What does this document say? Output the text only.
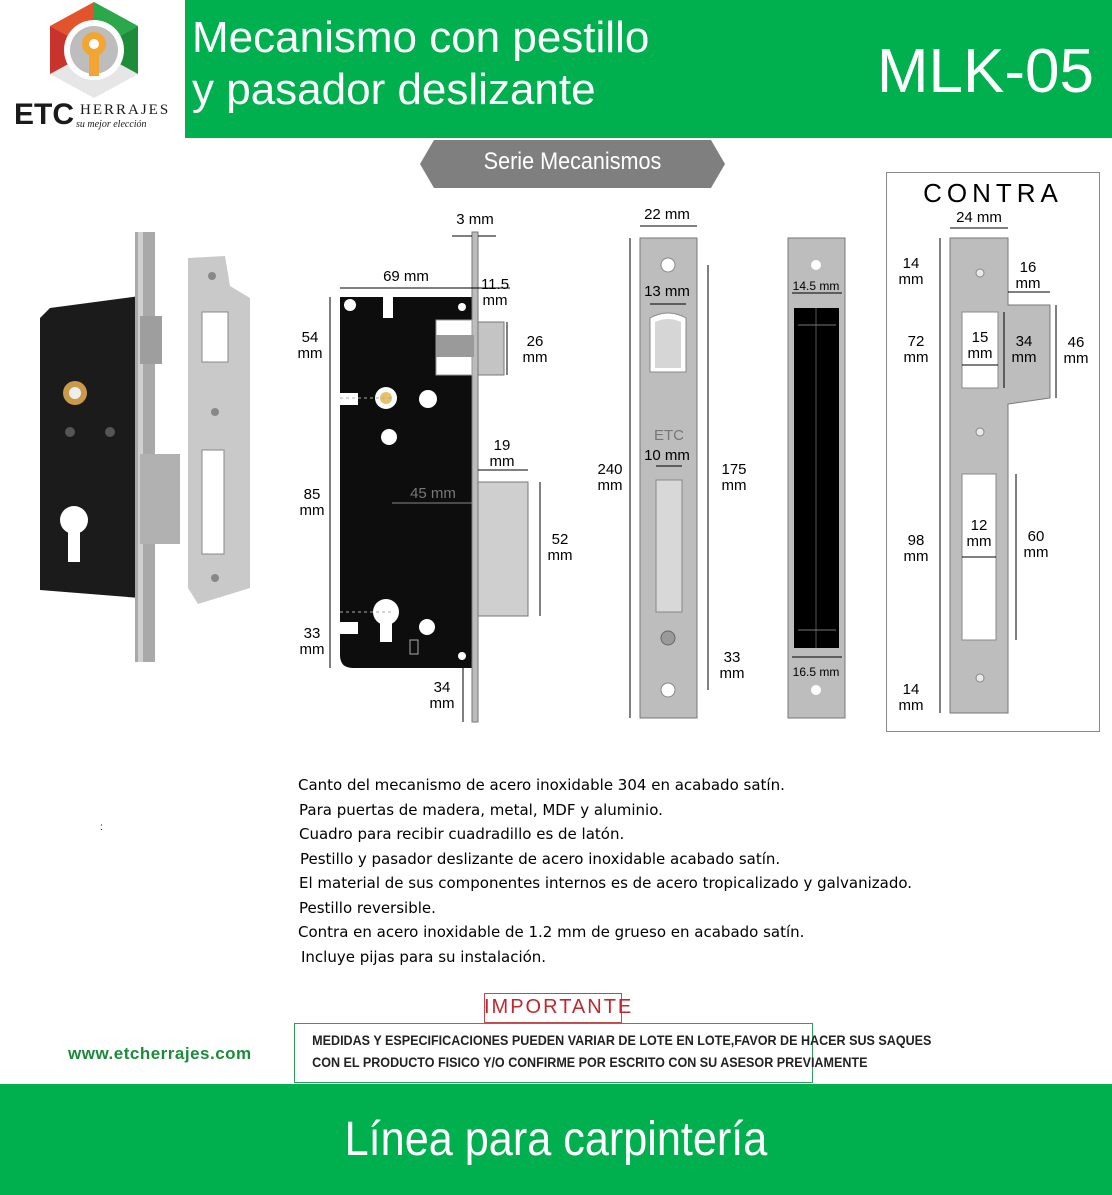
ETC HERRAJES
su mejor elección
Mecanismo con pestillo
y pasador deslizante	MLK-05
Serie Mecanismos
3 mm
69 mm	11.5
mm
54
mm
26
mm
19
mm
45 mm
85
mm
52
mm
33
mm
34
mm
22 mm
13 mm
ETC
10 mm
240
mm
175
mm
33
mm
14.5 mm
16.5 mm
CONTRA
24 mm
14
mm
16
mm
72
mm
15
mm
34
mm
46
mm
98
mm
12
mm	60
mm
14
mm
:
Canto del mecanismo de acero inoxidable 304 en acabado satín.
Para puertas de madera, metal, MDF y aluminio.
Cuadro para recibir cuadradillo es de latón.
Pestillo y pasador deslizante de acero inoxidable acabado satín.
El material de sus componentes internos es de acero tropicalizado y galvanizado.
Pestillo reversible.
Contra en acero inoxidable de 1.2 mm de grueso en acabado satín.
Incluye pijas para su instalación.
IMPORTANTE
MEDIDAS Y ESPECIFICACIONES PUEDEN VARIAR DE LOTE EN LOTE,FAVOR DE HACER SUS SAQUES
CON EL PRODUCTO FISICO Y/O CONFIRME POR ESCRITO CON SU ASESOR PREVIAMENTE
www.etcherrajes.com
Línea para carpintería
